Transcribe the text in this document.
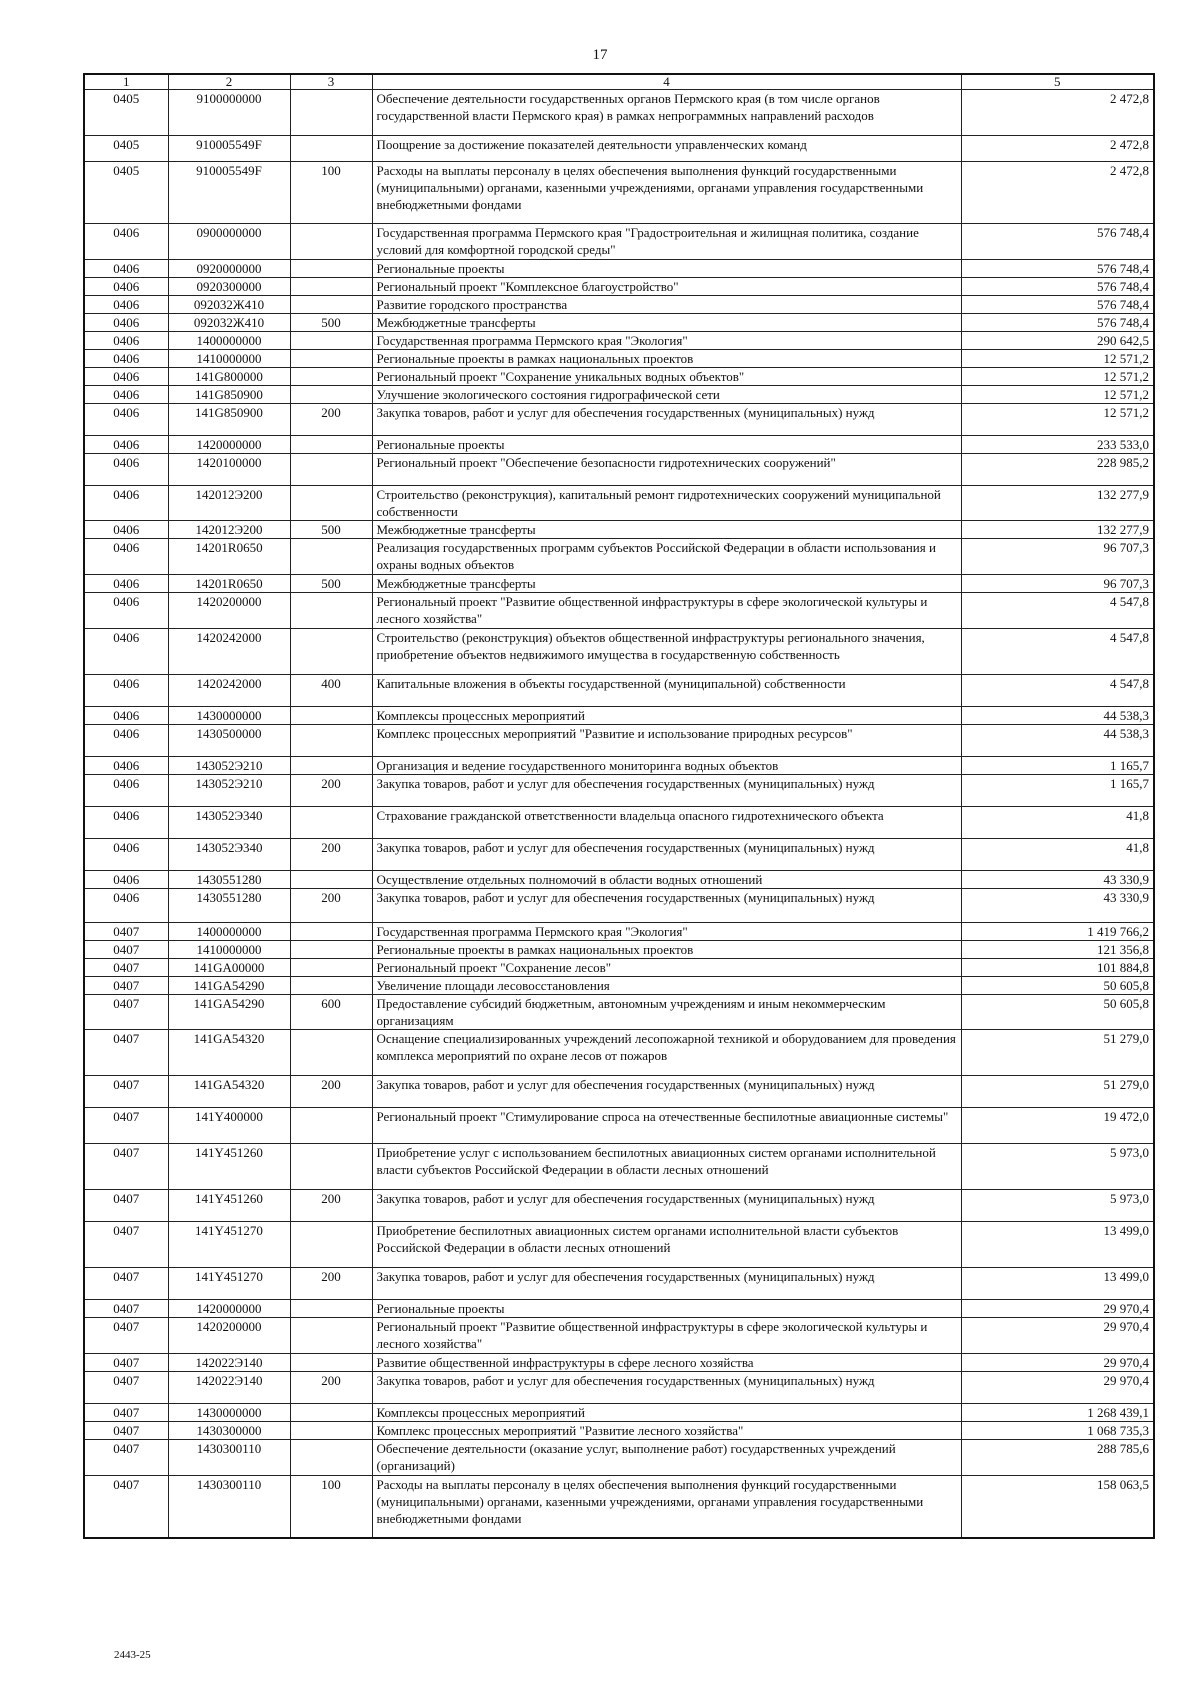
17
1	2	3	4	5
0405	9100000000		Обеспечение деятельности государственных органов Пермского края (в том числе органов государственной власти Пермского края) в рамках непрограммных направлений расходов	2 472,8
0405	910005549F		Поощрение за достижение показателей деятельности управленческих команд	2 472,8
0405	910005549F	100	Расходы на выплаты персоналу в целях обеспечения выполнения функций государственными (муниципальными) органами, казенными учреждениями, органами управления государственными внебюджетными фондами	2 472,8
0406	0900000000		Государственная программа Пермского края "Градостроительная и жилищная политика, создание условий для комфортной городской среды"	576 748,4
0406	0920000000		Региональные проекты	576 748,4
0406	0920300000		Региональный проект "Комплексное благоустройство"	576 748,4
0406	092032Ж410		Развитие городского пространства	576 748,4
0406	092032Ж410	500	Межбюджетные трансферты	576 748,4
0406	1400000000		Государственная программа Пермского края "Экология"	290 642,5
0406	1410000000		Региональные проекты в рамках национальных проектов	12 571,2
0406	141G800000		Региональный проект "Сохранение уникальных водных объектов"	12 571,2
0406	141G850900		Улучшение экологического состояния гидрографической сети	12 571,2
0406	141G850900	200	Закупка товаров, работ и услуг для обеспечения государственных (муниципальных) нужд	12 571,2
0406	1420000000		Региональные проекты	233 533,0
0406	1420100000		Региональный проект "Обеспечение безопасности гидротехнических сооружений"	228 985,2
0406	142012Э200		Строительство (реконструкция), капитальный ремонт гидротехнических сооружений муниципальной собственности	132 277,9
0406	142012Э200	500	Межбюджетные трансферты	132 277,9
0406	14201R0650		Реализация государственных программ субъектов Российской Федерации в области использования и охраны водных объектов	96 707,3
0406	14201R0650	500	Межбюджетные трансферты	96 707,3
0406	1420200000		Региональный проект "Развитие общественной инфраструктуры в сфере экологической культуры и лесного хозяйства"	4 547,8
0406	1420242000		Строительство (реконструкция) объектов общественной инфраструктуры регионального значения, приобретение объектов недвижимого имущества в государственную собственность	4 547,8
0406	1420242000	400	Капитальные вложения в объекты государственной (муниципальной) собственности	4 547,8
0406	1430000000		Комплексы процессных мероприятий	44 538,3
0406	1430500000		Комплекс процессных мероприятий "Развитие и использование природных ресурсов"	44 538,3
0406	143052Э210		Организация и ведение государственного мониторинга водных объектов	1 165,7
0406	143052Э210	200	Закупка товаров, работ и услуг для обеспечения государственных (муниципальных) нужд	1 165,7
0406	143052Э340		Страхование гражданской ответственности владельца опасного гидротехнического объекта	41,8
0406	143052Э340	200	Закупка товаров, работ и услуг для обеспечения государственных (муниципальных) нужд	41,8
0406	1430551280		Осуществление отдельных полномочий в области водных отношений	43 330,9
0406	1430551280	200	Закупка товаров, работ и услуг для обеспечения государственных (муниципальных) нужд	43 330,9
0407	1400000000		Государственная программа Пермского края "Экология"	1 419 766,2
0407	1410000000		Региональные проекты в рамках национальных проектов	121 356,8
0407	141GA00000		Региональный проект "Сохранение лесов"	101 884,8
0407	141GA54290		Увеличение площади лесовосстановления	50 605,8
0407	141GA54290	600	Предоставление субсидий бюджетным, автономным учреждениям и иным некоммерческим организациям	50 605,8
0407	141GA54320		Оснащение специализированных учреждений лесопожарной техникой и оборудованием для проведения комплекса мероприятий по охране лесов от пожаров	51 279,0
0407	141GA54320	200	Закупка товаров, работ и услуг для обеспечения государственных (муниципальных) нужд	51 279,0
0407	141Y400000		Региональный проект "Стимулирование спроса на отечественные беспилотные авиационные системы"	19 472,0
0407	141Y451260		Приобретение услуг с использованием беспилотных авиационных систем органами исполнительной власти субъектов Российской Федерации в области лесных отношений	5 973,0
0407	141Y451260	200	Закупка товаров, работ и услуг для обеспечения государственных (муниципальных) нужд	5 973,0
0407	141Y451270		Приобретение беспилотных авиационных систем органами исполнительной власти субъектов Российской Федерации в области лесных отношений	13 499,0
0407	141Y451270	200	Закупка товаров, работ и услуг для обеспечения государственных (муниципальных) нужд	13 499,0
0407	1420000000		Региональные проекты	29 970,4
0407	1420200000		Региональный проект "Развитие общественной инфраструктуры в сфере экологической культуры и лесного хозяйства"	29 970,4
0407	142022Э140		Развитие общественной инфраструктуры в сфере лесного хозяйства	29 970,4
0407	142022Э140	200	Закупка товаров, работ и услуг для обеспечения государственных (муниципальных) нужд	29 970,4
0407	1430000000		Комплексы процессных мероприятий	1 268 439,1
0407	1430300000		Комплекс процессных мероприятий "Развитие лесного хозяйства"	1 068 735,3
0407	1430300110		Обеспечение деятельности (оказание услуг, выполнение работ) государственных учреждений (организаций)	288 785,6
0407	1430300110	100	Расходы на выплаты персоналу в целях обеспечения выполнения функций государственными (муниципальными) органами, казенными учреждениями, органами управления государственными внебюджетными фондами	158 063,5
2443-25
